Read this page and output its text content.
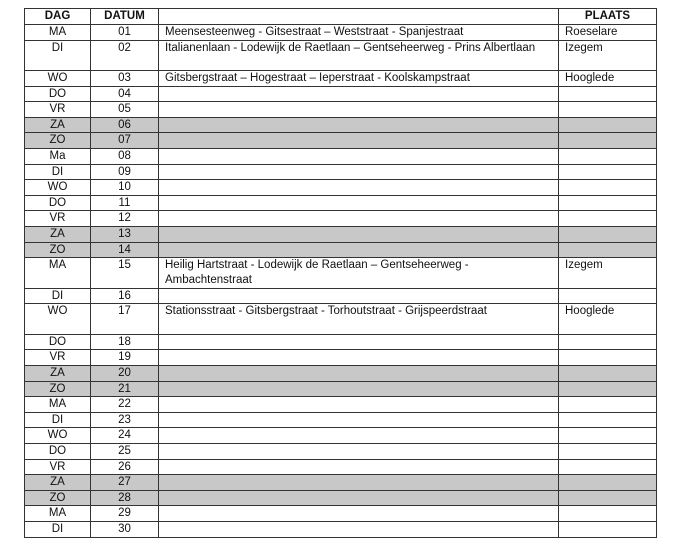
DAG	DATUM		PLAATS
MA	01	Meensesteenweg - Gitsestraat – Weststraat - Spanjestraat	Roeselare
DI	02	Italianenlaan - Lodewijk de Raetlaan – Gentseheerweg - Prins Albertlaan	Izegem
WO	03	Gitsbergstraat – Hogestraat – Ieperstraat - Koolskampstraat	Hooglede
DO	04		
VR	05		
ZA	06		
ZO	07		
Ma	08		
DI	09		
WO	10		
DO	11		
VR	12		
ZA	13		
ZO	14		
MA	15	Heilig Hartstraat - Lodewijk de Raetlaan – Gentseheerweg - Ambachtenstraat	Izegem
DI	16		
WO	17	Stationsstraat - Gitsbergstraat - Torhoutstraat - Grijspeerdstraat	Hooglede
DO	18		
VR	19		
ZA	20		
ZO	21		
MA	22		
DI	23		
WO	24		
DO	25		
VR	26		
ZA	27		
ZO	28		
MA	29		
DI	30		
